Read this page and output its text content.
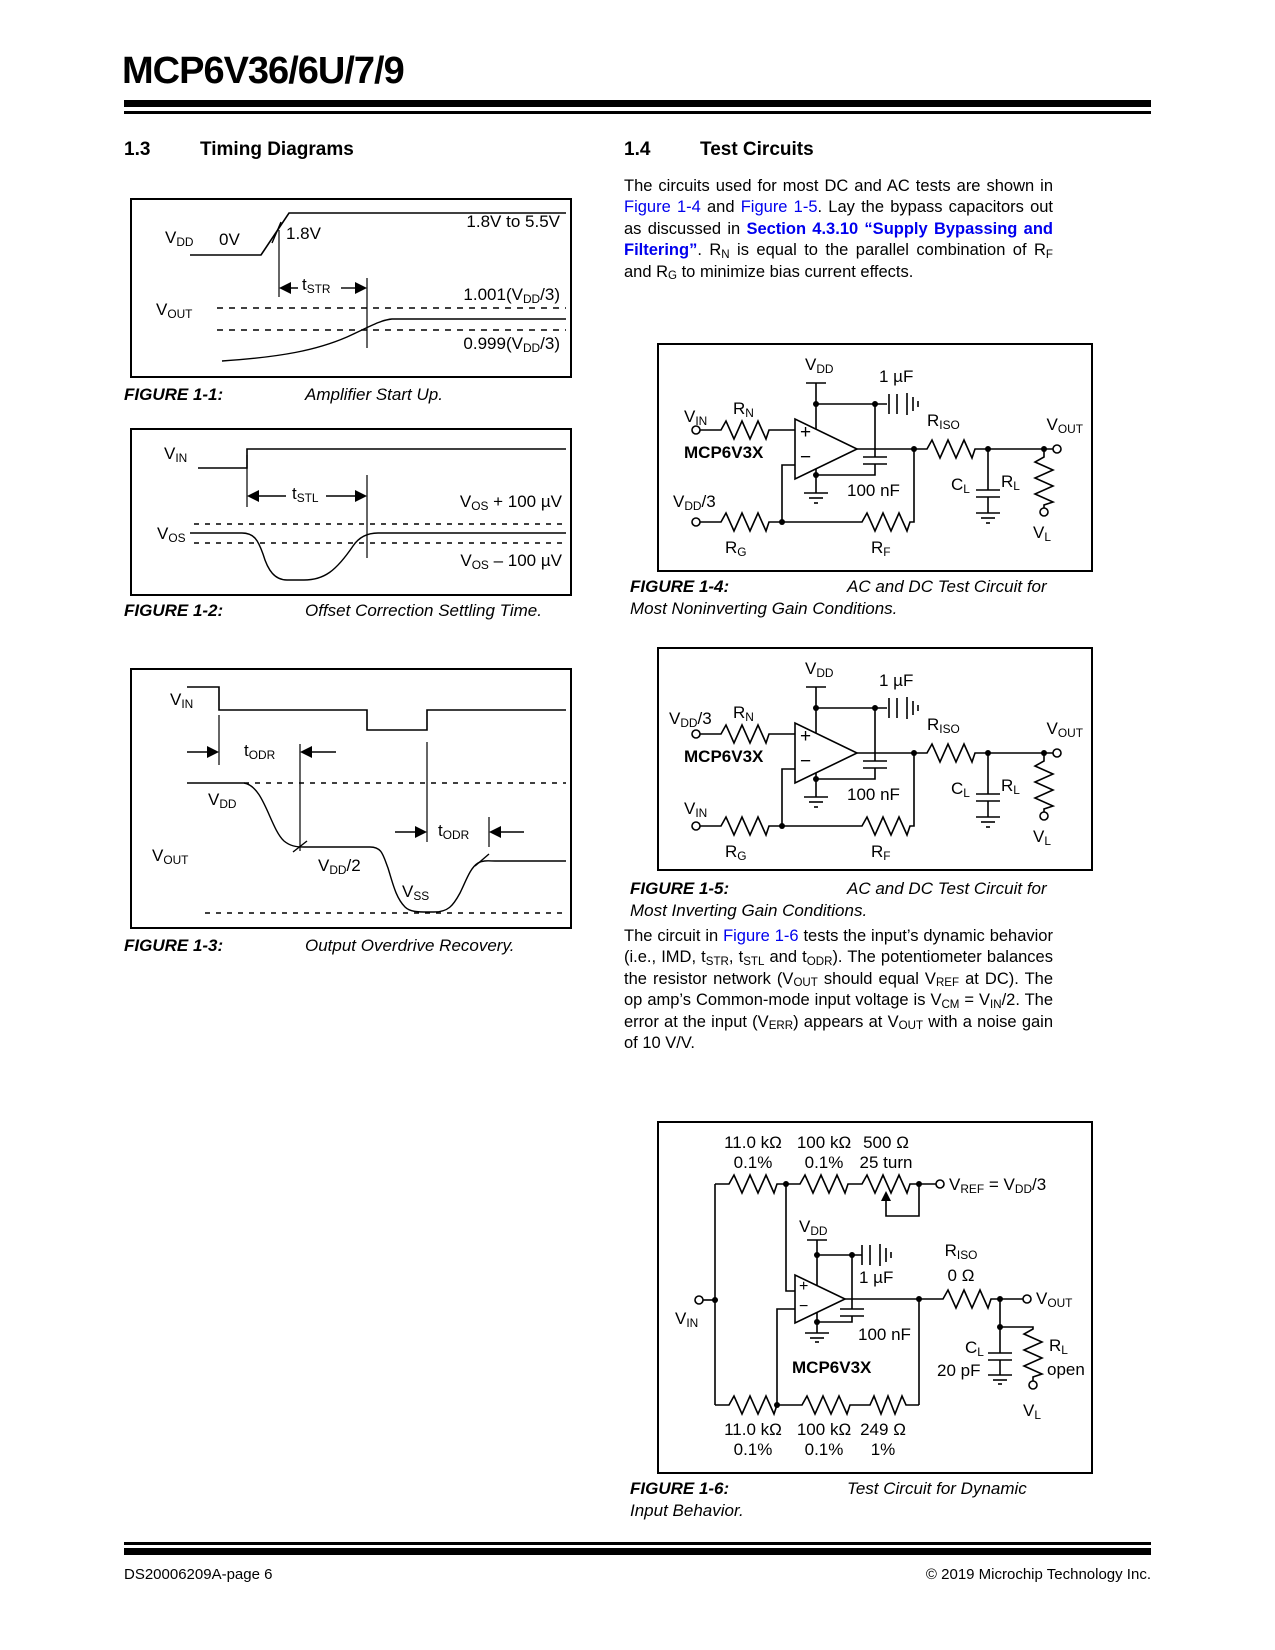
MCP6V36/6U/7/9
1.3	Timing Diagrams	1.4	Test Circuits
$V_{DD}$ 0V	1.8V
1.8V to 5.5V
$t_{STR}$
$V_{OUT}$
$1.001(V_{DD}/3)$
$0.999(V_{DD}/3)$
FIGURE 1-1:	Amplifier Start Up.
$V_{IN}$
$t_{STL}$	$V_{OS} + 100$ µV
$V_{OS}$
$V_{OS} - 100$ µV
FIGURE 1-2:	Offset Correction Settling Time.
$V_{IN}$
$t_{ODR}$
$V_{DD}$
$V_{OUT}$	$V_{DD}/2$
$t_{ODR}$
$V_{SS}$
FIGURE 1-3:	Output Overdrive Recovery.
The circuits used for most DC and AC tests are shown in Figure 1-4 and Figure 1-5. Lay the bypass capacitors out as discussed in Section 4.3.10 “Supply Bypassing and Filtering”. $R_N$ is equal to the parallel combination of $R_F$ and $R_G$ to minimize bias current effects.
$V_{IN}$
$R_N$
MCP6V3X
$V_{DD}$	1 µF
$R_{ISO}$	$V_{OUT}$
100 nF	$C_L$ $R_L$
$V_{DD}/3$
$R_G$	$R_F$
$V_L$
+
−
FIGURE 1-4:	AC and DC Test Circuit for Most Noninverting Gain Conditions.
$V_{DD}/3$ $R_N$
MCP6V3X
$V_{DD}$	1 µF
$R_{ISO}$	$V_{OUT}$
100 nF	$C_L$ $R_L$
$V_{IN}$
$R_G$	$R_F$
$V_L$
+
−
FIGURE 1-5:	AC and DC Test Circuit for Most Inverting Gain Conditions.
The circuit in Figure 1-6 tests the input’s dynamic behavior (i.e., IMD, $t_{STR}$, $t_{STL}$ and $t_{ODR}$). The potentiometer balances the resistor network ($V_{OUT}$ should equal $V_{REF}$ at DC). The op amp’s Common-mode input voltage is $V_{CM} = V_{IN}/2$. The error at the input $(V_{ERR})$ appears at $V_{OUT}$ with a noise gain of 10 V/V.
11.0 kΩ
0.1%
100 kΩ
0.1%
500 Ω
25 turn
$V_{REF} = V_{DD}/3$
$V_{DD}$
1 µF
$R_{ISO}$
0 Ω
$V_{IN}$
$V_{OUT}$
100 nF
$C_L$
20 pF
$R_L$
open
MCP6V3X
$V_L$
11.0 kΩ
0.1%
100 kΩ
0.1%
249 Ω
1%
+
−
FIGURE 1-6:	Test Circuit for Dynamic Input Behavior.
DS20006209A-page 6	© 2019 Microchip Technology Inc.
